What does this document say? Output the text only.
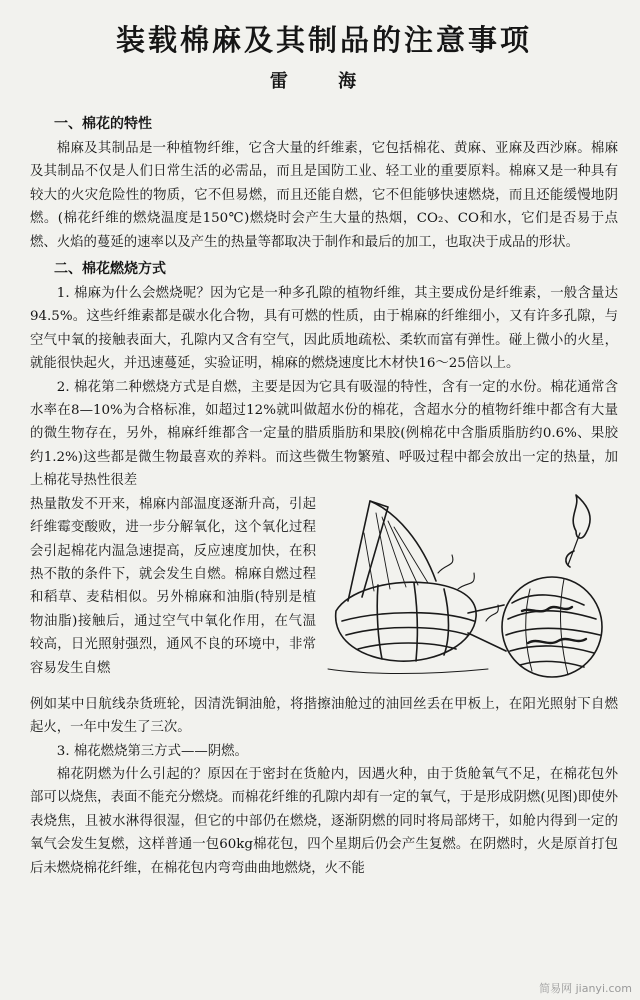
装载棉麻及其制品的注意事项
雷 海
一、棉花的特性

棉麻及其制品是一种植物纤维，它含大量的纤维素，它包括棉花、黄麻、亚麻及西沙麻。棉麻及其制品不仅是人们日常生活的必需品，而且是国防工业、轻工业的重要原料。棉麻又是一种具有较大的火灾危险性的物质，它不但易燃，而且还能自燃，它不但能够快速燃烧，而且还能缓慢地阴燃。(棉花纤维的燃烧温度是150℃)燃烧时会产生大量的热烟，CO₂、CO和水，它们是否易于点燃、火焰的蔓延的速率以及产生的热量等都取决于制作和最后的加工，也取决于成品的形状。

二、棉花燃烧方式

1. 棉麻为什么会燃烧呢？因为它是一种多孔隙的植物纤维，其主要成份是纤维素，一般含量达94.5%。这些纤维素都是碳水化合物，具有可燃的性质，由于棉麻的纤维细小，又有许多孔隙，与空气中氧的接触表面大，孔隙内又含有空气，因此质地疏松、柔软而富有弹性。碰上微小的火星，就能很快起火，并迅速蔓延，实验证明，棉麻的燃烧速度比木材快16～25倍以上。

2. 棉花第二种燃烧方式是自燃，主要是因为它具有吸湿的特性，含有一定的水份。棉花通常含水率在8—10%为合格标准，如超过12%就叫做超水份的棉花，含超水分的植物纤维中都含有大量的微生物存在，另外，棉麻纤维都含一定量的腊质脂肪和果胶(例棉花中含脂质脂肪约0.6%、果胶约1.2%)这些都是微生物最喜欢的养料。而这些微生物繁殖、呼吸过程中都会放出一定的热量，加上棉花导热性很差

热量散发不开来，棉麻内部温度逐渐升高，引起纤维霉变酸败，进一步分解氧化，这个氧化过程会引起棉花内温急速提高，反应速度加快，在积热不散的条件下，就会发生自燃。棉麻自燃过程和稻草、麦秸相似。另外棉麻和油脂(特别是植物油脂)接触后，通过空气中氧化作用，在气温较高，日光照射强烈，通风不良的环境中，非常容易发生自燃

例如某中日航线杂货班轮，因清洗铜油舱，将揩擦油舱过的油回丝丢在甲板上，在阳光照射下自燃起火，一年中发生了三次。

3. 棉花燃烧第三方式——阴燃。

棉花阴燃为什么引起的？原因在于密封在货舱内，因遇火种，由于货舱氧气不足，在棉花包外部可以烧焦，表面不能充分燃烧。而棉花纤维的孔隙内却有一定的氧气，于是形成阴燃(见图)即使外表烧焦，且被水淋得很湿，但它的中部仍在燃烧，逐渐阴燃的同时将局部烤干，如舱内得到一定的氧气会发生复燃，这样普通一包60kg棉花包，四个星期后仍会产生复燃。在阴燃时，火是原首打包后未燃烧棉花纤维，在棉花包内弯弯曲曲地燃烧，火不能

简易网 jianyi.com
